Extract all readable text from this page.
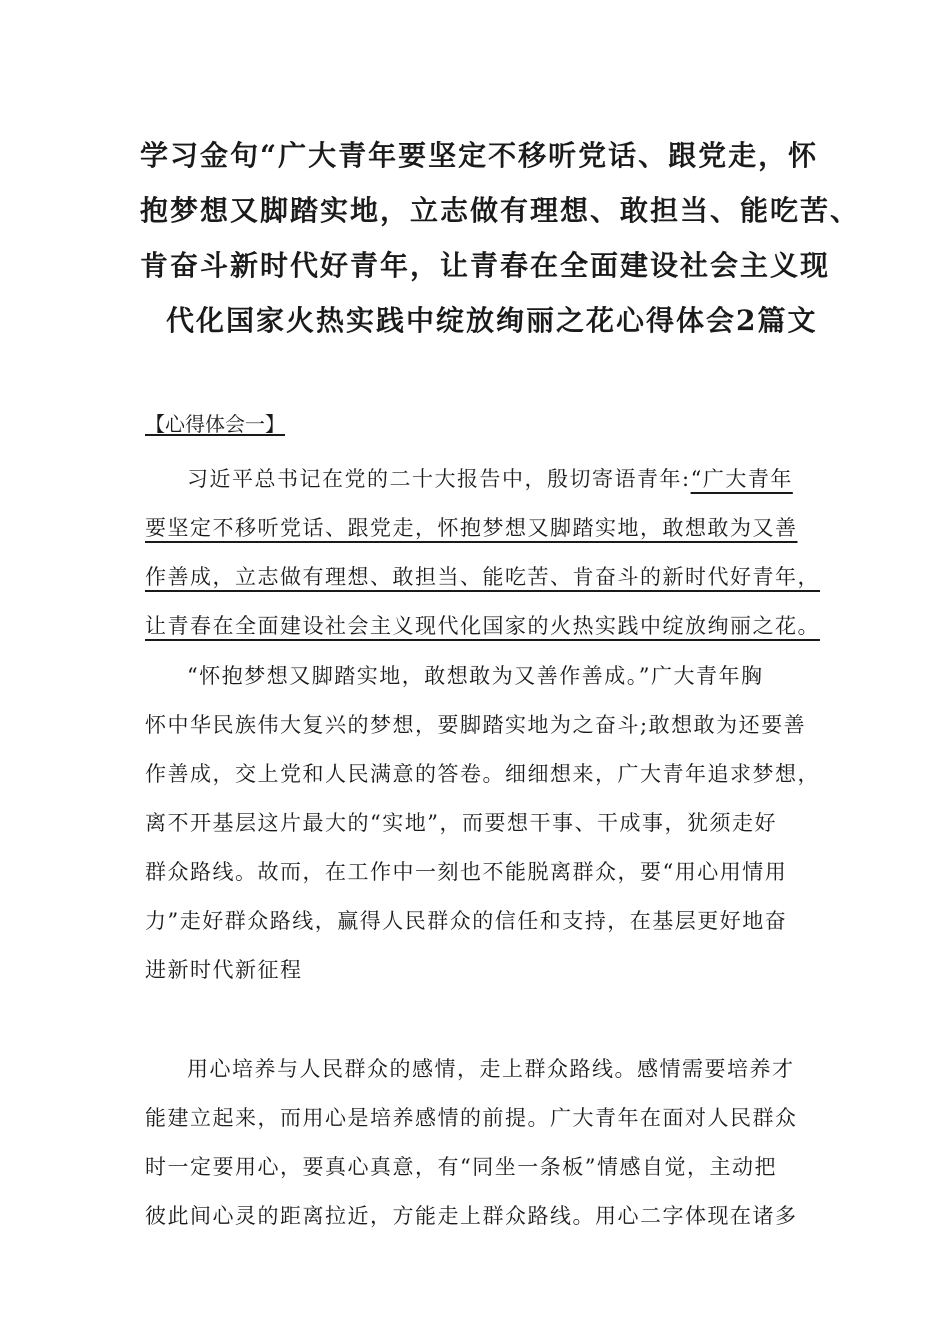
学习金句“广大青年要坚定不移听党话、跟党走，怀
抱梦想又脚踏实地，立志做有理想、敢担当、能吃苦、
肯奋斗新时代好青年，让青春在全面建设社会主义现
代化国家火热实践中绽放绚丽之花心得体会2篇文
【心得体会一】
习近平总书记在党的二十大报告中，殷切寄语青年:“广大青年
要坚定不移听党话、跟党走，怀抱梦想又脚踏实地，敢想敢为又善
作善成，立志做有理想、敢担当、能吃苦、肯奋斗的新时代好青年，
让青春在全面建设社会主义现代化国家的火热实践中绽放绚丽之花。
“怀抱梦想又脚踏实地，敢想敢为又善作善成。”广大青年胸
怀中华民族伟大复兴的梦想，要脚踏实地为之奋斗;敢想敢为还要善
作善成，交上党和人民满意的答卷。细细想来，广大青年追求梦想，
离不开基层这片最大的“实地”，而要想干事、干成事，犹须走好
群众路线。故而，在工作中一刻也不能脱离群众，要“用心用情用
力”走好群众路线，赢得人民群众的信任和支持，在基层更好地奋
进新时代新征程
用心培养与人民群众的感情，走上群众路线。感情需要培养才
能建立起来，而用心是培养感情的前提。广大青年在面对人民群众
时一定要用心，要真心真意，有“同坐一条板”情感自觉，主动把
彼此间心灵的距离拉近，方能走上群众路线。用心二字体现在诸多
